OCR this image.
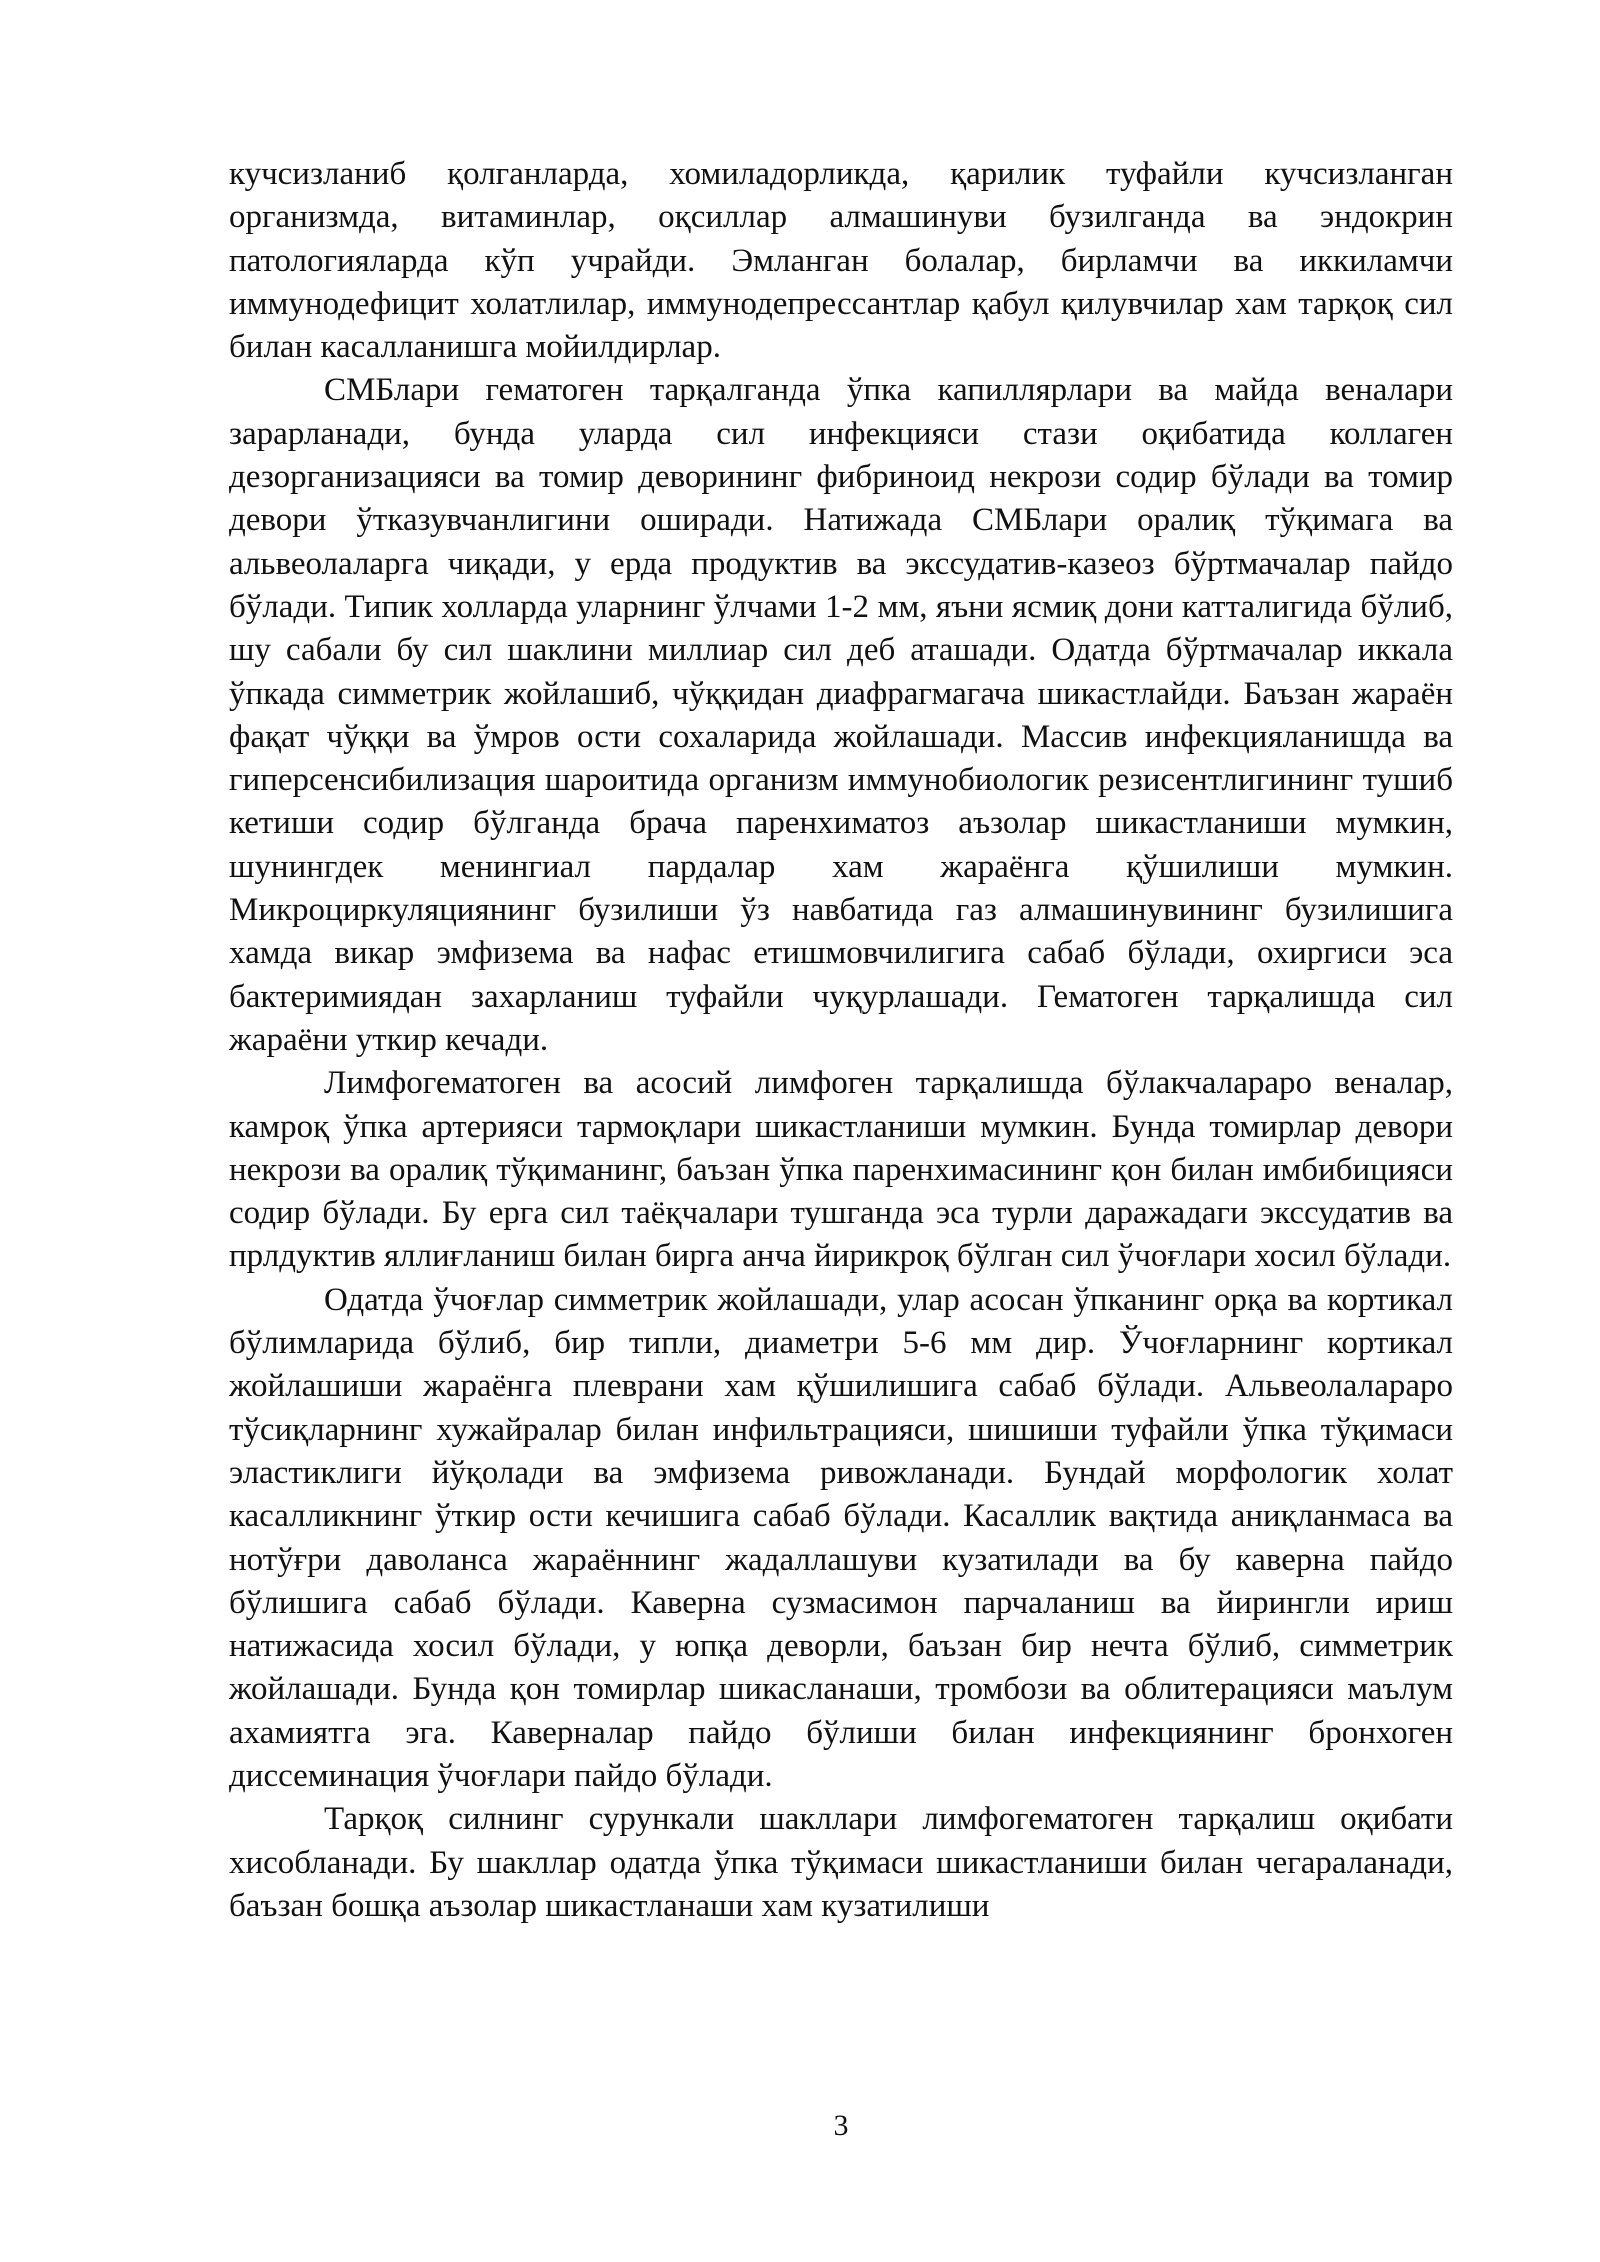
кучсизланиб қолганларда, хомиладорликда, қарилик туфайли кучсизланган организмда, витаминлар, оқсиллар алмашинуви бузилганда ва эндокрин патологияларда кўп учрайди. Эмланган болалар, бирламчи ва иккиламчи иммунодефицит холатлилар, иммунодепрессантлар қабул қилувчилар хам тарқоқ сил билан касалланишга мойилдирлар.

СМБлари гематоген тарқалганда ўпка капиллярлари ва майда веналари зарарланади, бунда уларда сил инфекцияси стази оқибатида коллаген дезорганизацияси ва томир деворининг фибриноид некрози содир бўлади ва томир девори ўтказувчанлигини оширади. Натижада СМБлари оралиқ тўқимага ва альвеолаларга чиқади, у ерда продуктив ва экссудатив-казеоз бўртмачалар пайдо бўлади. Типик холларда уларнинг ўлчами 1-2 мм, яъни ясмиқ дони катталигида бўлиб, шу сабали бу сил шаклини миллиар сил деб аташади. Одатда бўртмачалар иккала ўпкада симметрик жойлашиб, чўққидан диафрагмагача шикастлайди. Баъзан жараён фақат чўққи ва ўмров ости сохаларида жойлашади. Массив инфекцияланишда ва гиперсенсибилизация шароитида организм иммунобиологик резисентлигининг тушиб кетиши содир бўлганда брача паренхиматоз аъзолар шикастланиши мумкин, шунингдек менингиал пардалар хам жараёнга қўшилиши мумкин. Микроциркуляциянинг бузилиши ўз навбатида газ алмашинувининг бузилишига хамда викар эмфизема ва нафас етишмовчилигига сабаб бўлади, охиргиси эса бактеримиядан захарланиш туфайли чуқурлашади. Гематоген тарқалишда сил жараёни уткир кечади.

Лимфогематоген ва асосий лимфоген тарқалишда бўлакчалараро веналар, камроқ ўпка артерияси тармоқлари шикастланиши мумкин. Бунда томирлар девори некрози ва оралиқ тўқиманинг, баъзан ўпка паренхимасининг қон билан имбибицияси содир бўлади. Бу ерга сил таёқчалари тушганда эса турли даражадаги экссудатив ва прлдуктив яллиғланиш билан бирга анча йирикроқ бўлган сил ўчоғлари хосил бўлади.

Одатда ўчоғлар симметрик жойлашади, улар асосан ўпканинг орқа ва кортикал бўлимларида бўлиб, бир типли, диаметри 5-6 мм дир. Ўчоғларнинг кортикал жойлашиши жараёнга плеврани хам қўшилишига сабаб бўлади. Альвеолалараро тўсиқларнинг хужайралар билан инфильтрацияси, шишиши туфайли ўпка тўқимаси эластиклиги йўқолади ва эмфизема ривожланади. Бундай морфологик холат касалликнинг ўткир ости кечишига сабаб бўлади. Касаллик вақтида аниқланмаса ва нотўғри даволанса жараённинг жадаллашуви кузатилади ва бу каверна пайдо бўлишига сабаб бўлади. Каверна сузмасимон парчаланиш ва йирингли ириш натижасида хосил бўлади, у юпқа деворли, баъзан бир нечта бўлиб, симметрик жойлашади. Бунда қон томирлар шикасланаши, тромбози ва облитерацияси маълум ахамиятга эга. Каверналар пайдо бўлиши билан инфекциянинг бронхоген диссеминация ўчоғлари пайдо бўлади.

Тарқоқ силнинг сурункали шакллари лимфогематоген тарқалиш оқибати хисобланади. Бу шакллар одатда ўпка тўқимаси шикастланиши билан чегараланади, баъзан бошқа аъзолар шикастланаши хам кузатилиши

3
